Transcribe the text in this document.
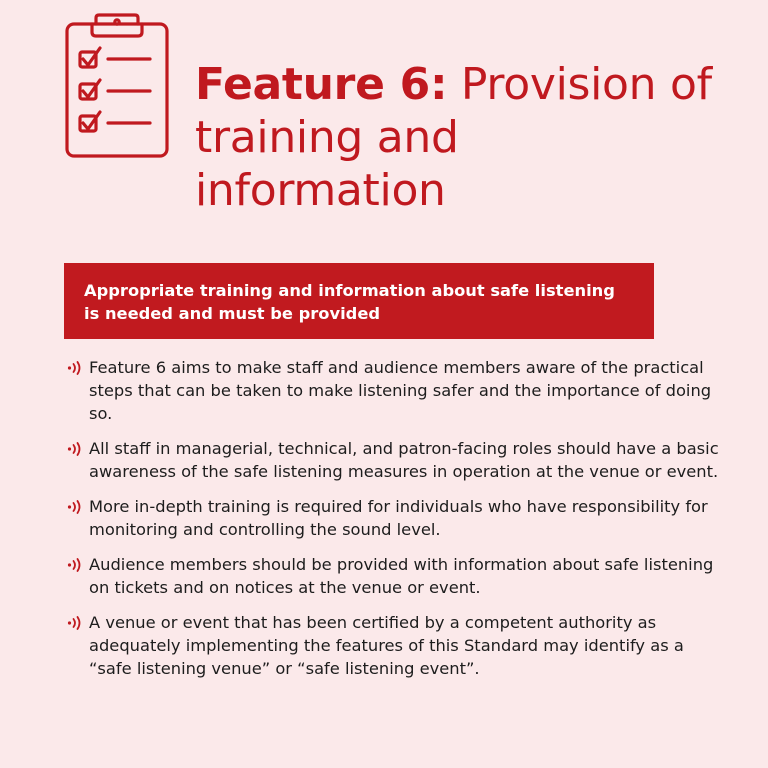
Feature 6: Provision of training and information
Appropriate training and information about safe listening is needed and must be provided
Feature 6 aims to make staff and audience members aware of the practical steps that can be taken to make listening safer and the importance of doing so.
All staff in managerial, technical, and patron-facing roles should have a basic awareness of the safe listening measures in operation at the venue or event.
More in-depth training is required for individuals who have responsibility for monitoring and controlling the sound level.
Audience members should be provided with information about safe listening on tickets and on notices at the venue or event.
A venue or event that has been certified by a competent authority as adequately implementing the features of this Standard may identify as a “safe listening venue” or “safe listening event”.
